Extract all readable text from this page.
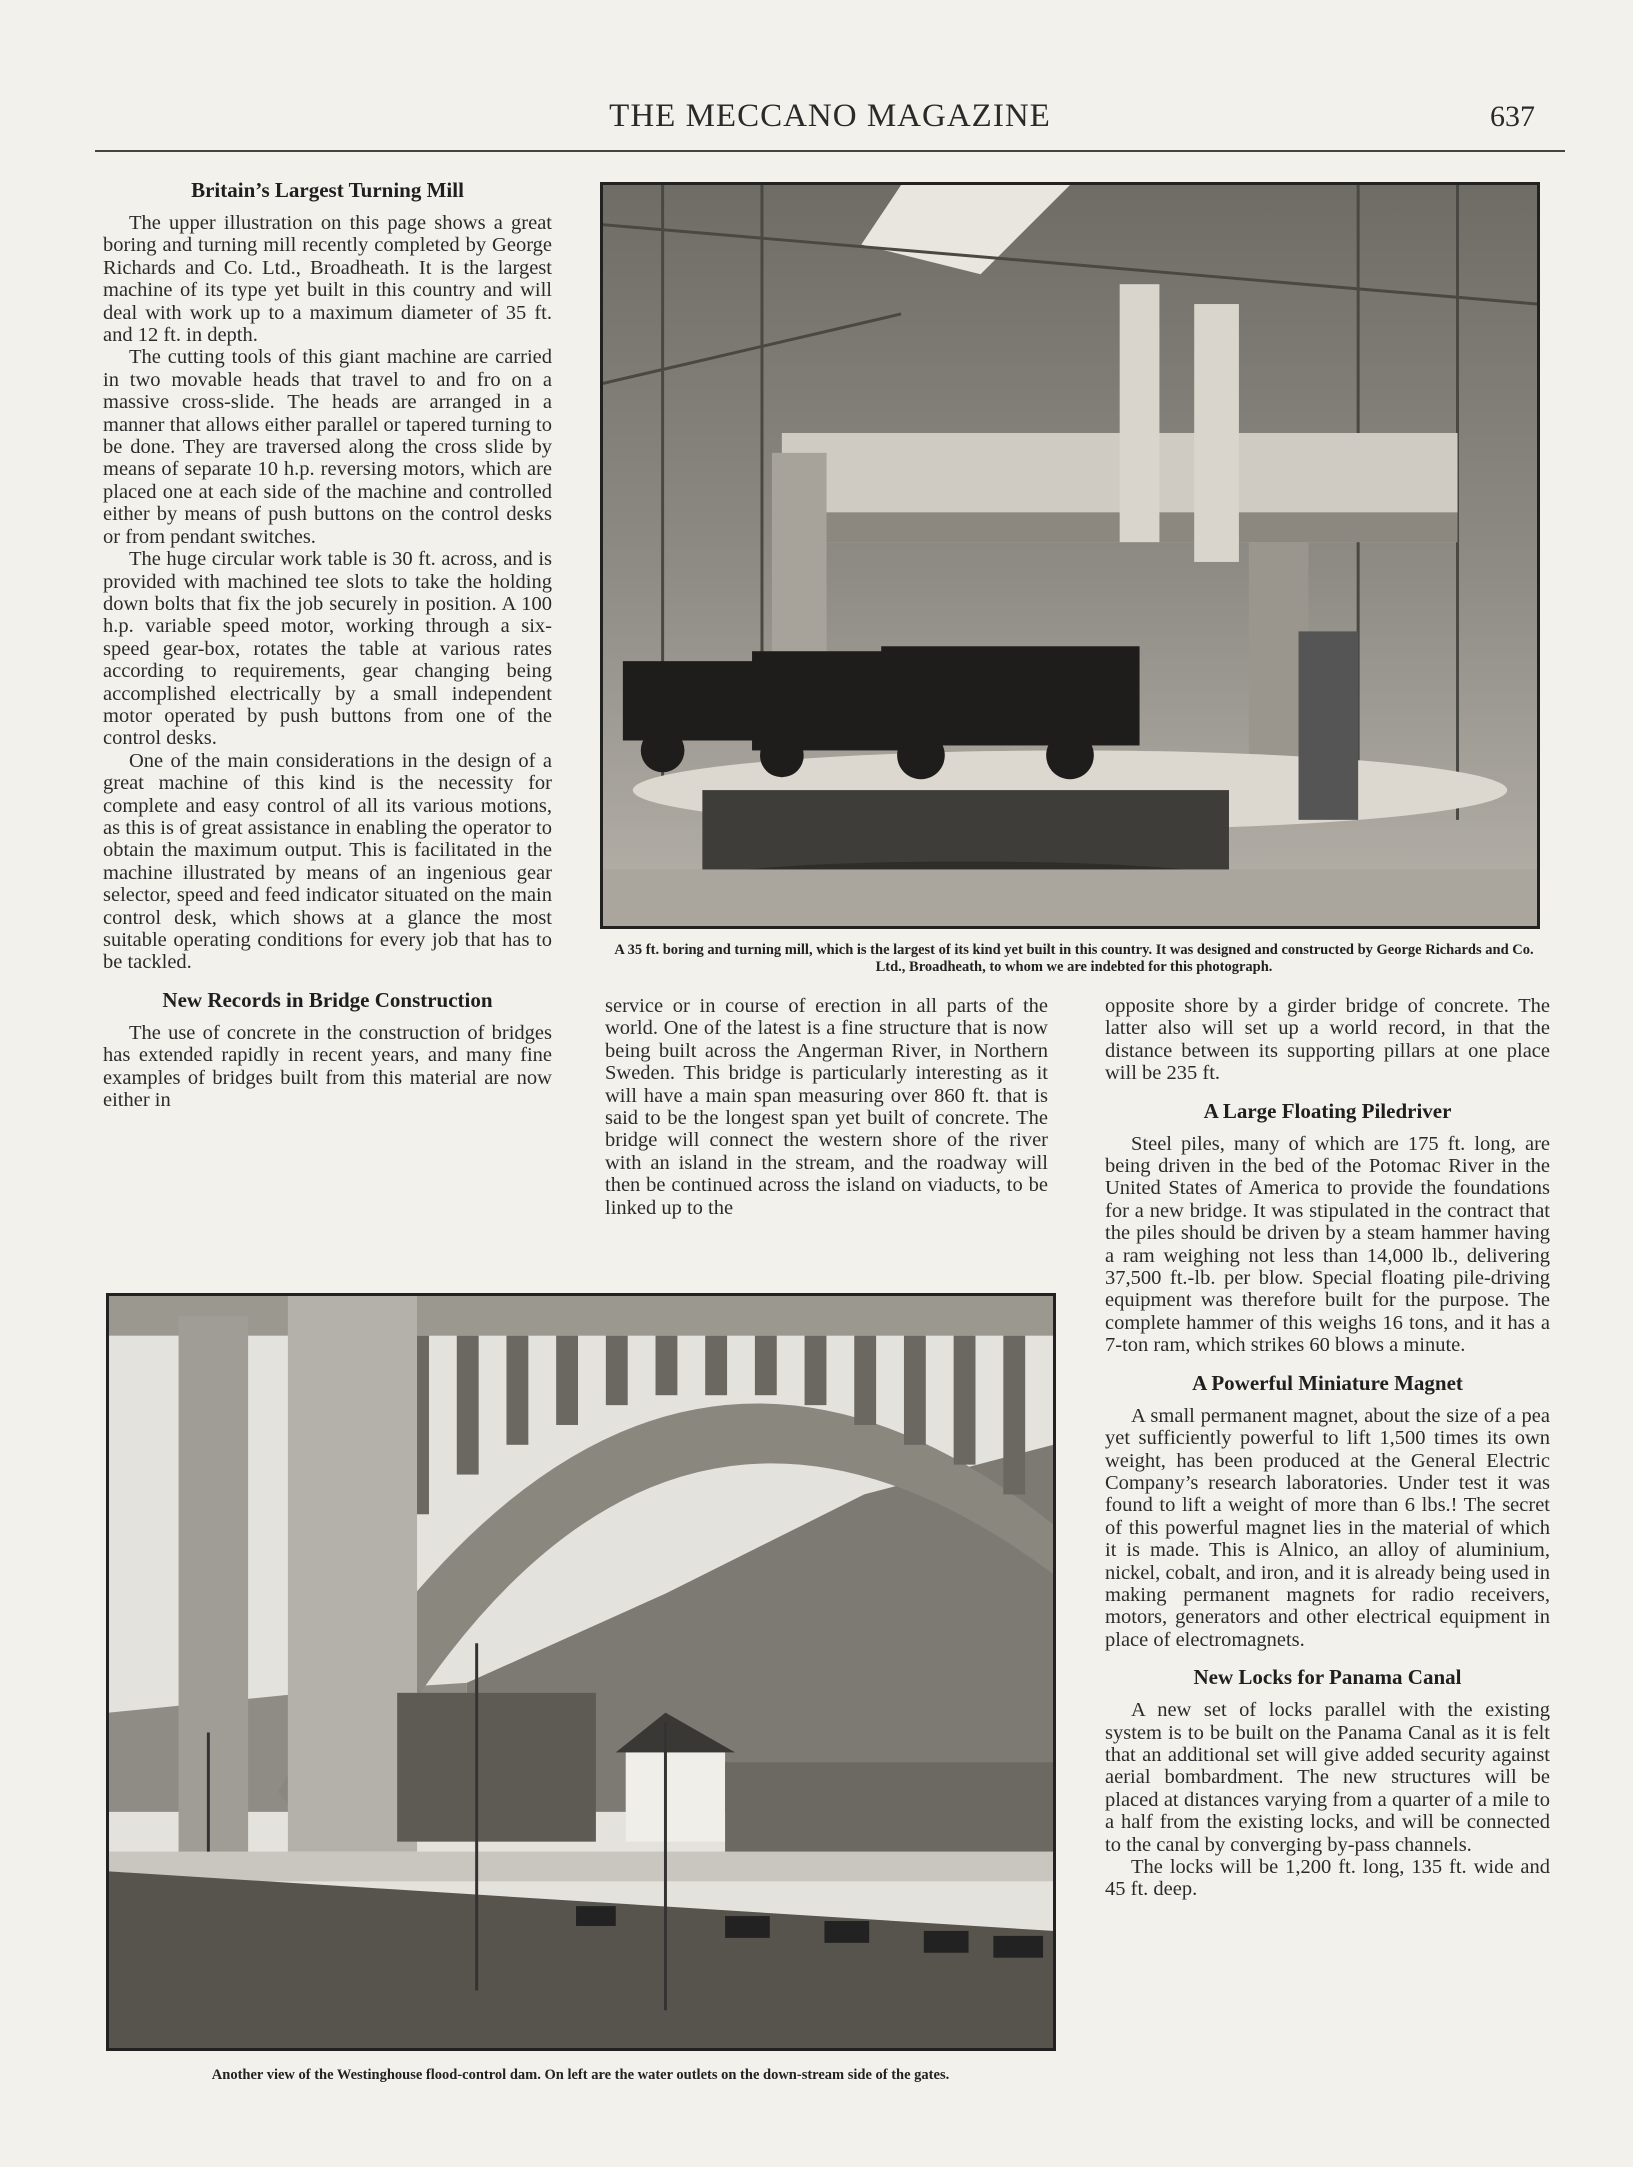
THE MECCANO MAGAZINE	637
Britain’s Largest Turning Mill

The upper illustration on this page shows a great boring and turning mill recently completed by George Richards and Co. Ltd., Broadheath. It is the largest machine of its type yet built in this country and will deal with work up to a maximum diameter of 35 ft. and 12 ft. in depth.

The cutting tools of this giant machine are carried in two movable heads that travel to and fro on a massive cross-slide. The heads are arranged in a manner that allows either parallel or tapered turning to be done. They are traversed along the cross slide by means of separate 10 h.p. reversing motors, which are placed one at each side of the machine and controlled either by means of push buttons on the control desks or from pendant switches.

The huge circular work table is 30 ft. across, and is provided with machined tee slots to take the holding down bolts that fix the job securely in position. A 100 h.p. variable speed motor, working through a six-speed gear-box, rotates the table at various rates according to requirements, gear changing being accomplished electrically by a small independent motor operated by push buttons from one of the control desks.

One of the main considerations in the design of a great machine of this kind is the necessity for complete and easy control of all its various motions, as this is of great assistance in enabling the operator to obtain the maximum output. This is facilitated in the machine illustrated by means of an ingenious gear selector, speed and feed indicator situated on the main control desk, which shows at a glance the most suitable operating conditions for every job that has to be tackled.

New Records in Bridge Construction

The use of concrete in the construction of bridges has extended rapidly in recent years, and many fine examples of bridges built from this material are now either in

A 35 ft. boring and turning mill, which is the largest of its kind yet built in this country. It was designed and constructed by George Richards and Co. Ltd., Broadheath, to whom we are indebted for this photograph.

service or in course of erection in all parts of the world. One of the latest is a fine structure that is now being built across the Angerman River, in Northern Sweden. This bridge is particularly interesting as it will have a main span measuring over 860 ft. that is said to be the longest span yet built of concrete. The bridge will connect the western shore of the river with an island in the stream, and the roadway will then be continued across the island on viaducts, to be linked up to the

opposite shore by a girder bridge of concrete. The latter also will set up a world record, in that the distance between its supporting pillars at one place will be 235 ft.

A Large Floating Piledriver

Steel piles, many of which are 175 ft. long, are being driven in the bed of the Potomac River in the United States of America to provide the foundations for a new bridge. It was stipulated in the contract that the piles should be driven by a steam hammer having a ram weighing not less than 14,000 lb., delivering 37,500 ft.-lb. per blow. Special floating pile-driving equipment was therefore built for the purpose. The complete hammer of this weighs 16 tons, and it has a 7-ton ram, which strikes 60 blows a minute.

A Powerful Miniature Magnet

A small permanent magnet, about the size of a pea yet sufficiently powerful to lift 1,500 times its own weight, has been produced at the General Electric Company’s research laboratories. Under test it was found to lift a weight of more than 6 lbs.! The secret of this powerful magnet lies in the material of which it is made. This is Alnico, an alloy of aluminium, nickel, cobalt, and iron, and it is already being used in making permanent magnets for radio receivers, motors, generators and other electrical equipment in place of electromagnets.

New Locks for Panama Canal

A new set of locks parallel with the existing system is to be built on the Panama Canal as it is felt that an additional set will give added security against aerial bombardment. The new structures will be placed at distances varying from a quarter of a mile to a half from the existing locks, and will be connected to the canal by converging by-pass channels.

The locks will be 1,200 ft. long, 135 ft. wide and 45 ft. deep.

Another view of the Westinghouse flood-control dam. On left are the water outlets on the down-stream side of the gates.
